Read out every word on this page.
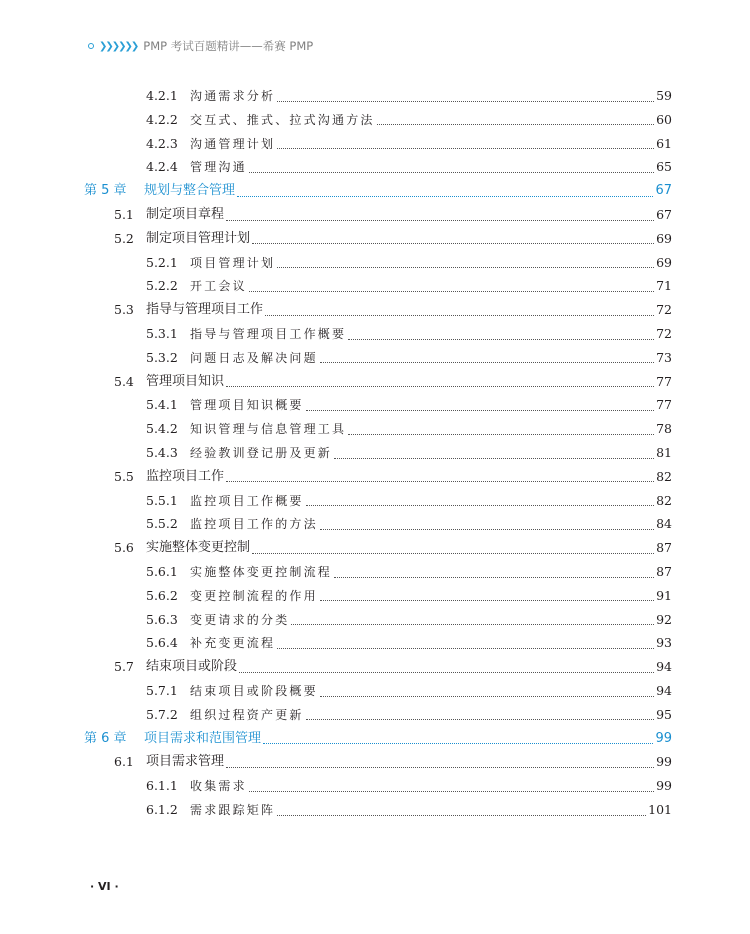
❯❯❯❯❯❯ PMP 考试百题精讲——希赛 PMP
4.2.1	沟通需求分析	59
4.2.2	交互式、推式、拉式沟通方法	60
4.2.3	沟通管理计划	61
4.2.4	管理沟通	65
第 5 章	规划与整合管理	67
5.1 制定项目章程	67
5.2 制定项目管理计划	69
5.2.1	项目管理计划	69
5.2.2	开工会议	71
5.3 指导与管理项目工作	72
5.3.1	指导与管理项目工作概要	72
5.3.2	问题日志及解决问题	73
5.4 管理项目知识	77
5.4.1	管理项目知识概要	77
5.4.2	知识管理与信息管理工具	78
5.4.3	经验教训登记册及更新	81
5.5 监控项目工作	82
5.5.1	监控项目工作概要	82
5.5.2	监控项目工作的方法	84
5.6 实施整体变更控制	87
5.6.1	实施整体变更控制流程	87
5.6.2	变更控制流程的作用	91
5.6.3	变更请求的分类	92
5.6.4	补充变更流程	93
5.7 结束项目或阶段	94
5.7.1	结束项目或阶段概要	94
5.7.2	组织过程资产更新	95
第 6 章	项目需求和范围管理	99
6.1 项目需求管理	99
6.1.1	收集需求	99
6.1.2	需求跟踪矩阵	101
· VI ·
